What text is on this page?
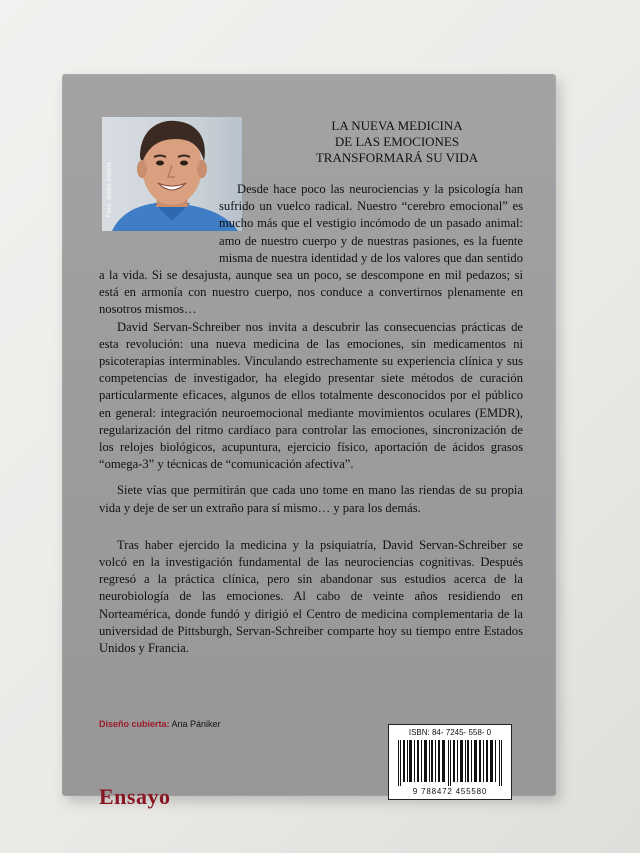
Foto: Gilles Poltrie
LA NUEVA MEDICINA
DE LAS EMOCIONES
TRANSFORMARÁ SU VIDA

Desde hace poco las neurociencias y la psicología han sufrido un vuelco radical. Nuestro “cerebro emocional” es mucho más que el vestigio incómodo de un pasado animal: amo de nuestro cuerpo y de nuestras pasiones, es la fuente misma de nuestra identidad y de los valores que dan sentido a la vida. Si se desajusta, aunque sea un poco, se descompone en mil pedazos; si está en armonía con nuestro cuerpo, nos conduce a convertirnos plenamente en nosotros mismos…

David Servan-Schreiber nos invita a descubrir las consecuencias prácticas de esta revolución: una nueva medicina de las emociones, sin medicamentos ni psicoterapias interminables. Vinculando estrechamente su experiencia clínica y sus competencias de investigador, ha elegido presentar siete métodos de curación particularmente eficaces, algunos de ellos totalmente desconocidos por el público en general: integración neuroemocional mediante movimientos oculares (EMDR), regularización del ritmo cardíaco para controlar las emociones, sincronización de los relojes biológicos, acupuntura, ejercicio físico, aportación de ácidos grasos “omega-3” y técnicas de “comunicación afectiva”.

Siete vías que permitirán que cada uno tome en mano las riendas de su propia vida y deje de ser un extraño para sí mismo… y para los demás.

Tras haber ejercido la medicina y la psiquiatría, David Servan-Schreiber se volcó en la investigación fundamental de las neurociencias cognitivas. Después regresó a la práctica clínica, pero sin abandonar sus estudios acerca de la neurobiología de las emociones. Al cabo de veinte años residiendo en Norteamérica, donde fundó y dirigió el Centro de medicina complementaria de la universidad de Pittsburgh, Servan-Schreiber comparte hoy su tiempo entre Estados Unidos y Francia.

Diseño cubierta: Ana Pániker
Ensayo
ISBN: 84- 7245- 558- 0
9 788472 455580
